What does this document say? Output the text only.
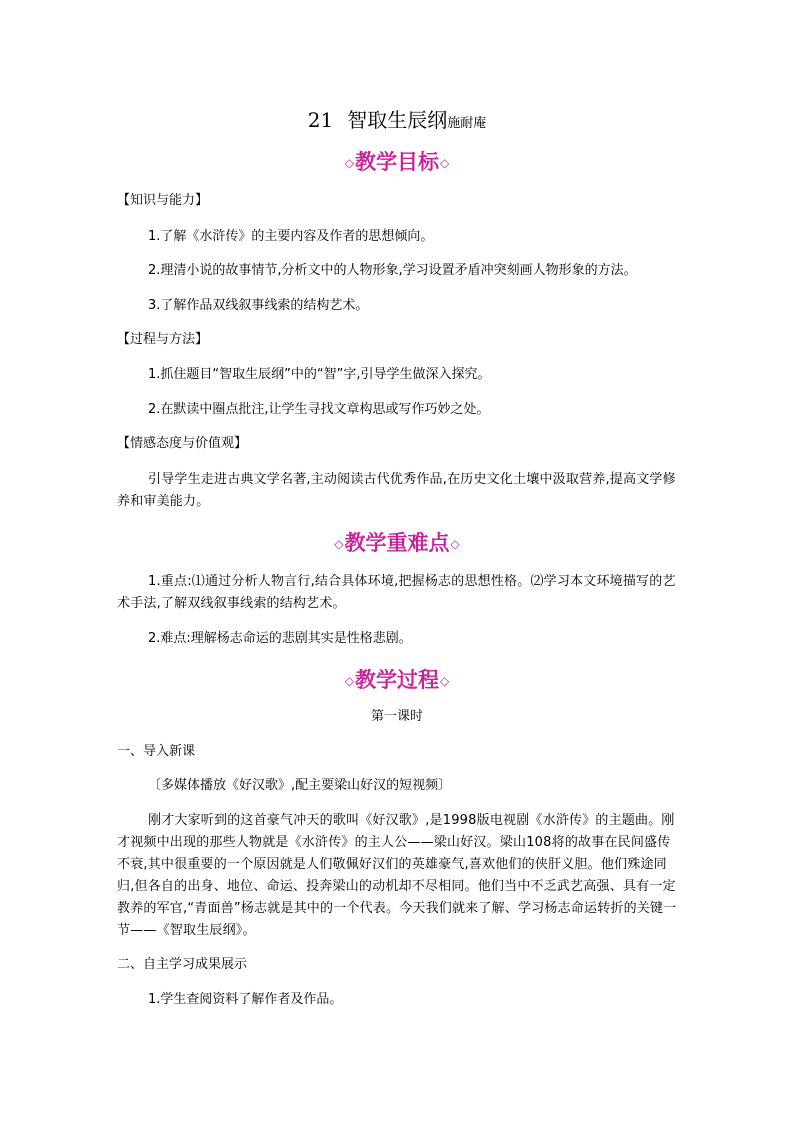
21 智取生辰纲施耐庵
◇教学目标◇

【知识与能力】

1.了解《水浒传》的主要内容及作者的思想倾向。

2.理清小说的故事情节,分析文中的人物形象,学习设置矛盾冲突刻画人物形象的方法。

3.了解作品双线叙事线索的结构艺术。

【过程与方法】

1.抓住题目“智取生辰纲”中的“智”字,引导学生做深入探究。

2.在默读中圈点批注,让学生寻找文章构思或写作巧妙之处。

【情感态度与价值观】

引导学生走进古典文学名著,主动阅读古代优秀作品,在历史文化土壤中汲取营养,提高文学修养和审美能力。

◇教学重难点◇

1.重点:⑴通过分析人物言行,结合具体环境,把握杨志的思想性格。⑵学习本文环境描写的艺术手法,了解双线叙事线索的结构艺术。

2.难点:理解杨志命运的悲剧其实是性格悲剧。

◇教学过程◇

第一课时

一、导入新课

〔多媒体播放《好汉歌》,配主要梁山好汉的短视频〕

刚才大家听到的这首豪气冲天的歌叫《好汉歌》,是1998版电视剧《水浒传》的主题曲。刚才视频中出现的那些人物就是《水浒传》的主人公——梁山好汉。梁山108将的故事在民间盛传不衰,其中很重要的一个原因就是人们敬佩好汉们的英雄豪气,喜欢他们的侠肝义胆。他们殊途同归,但各自的出身、地位、命运、投奔梁山的动机却不尽相同。他们当中不乏武艺高强、具有一定教养的军官,“青面兽”杨志就是其中的一个代表。今天我们就来了解、学习杨志命运转折的关键一节——《智取生辰纲》。

二、自主学习成果展示

1.学生查阅资料了解作者及作品。
